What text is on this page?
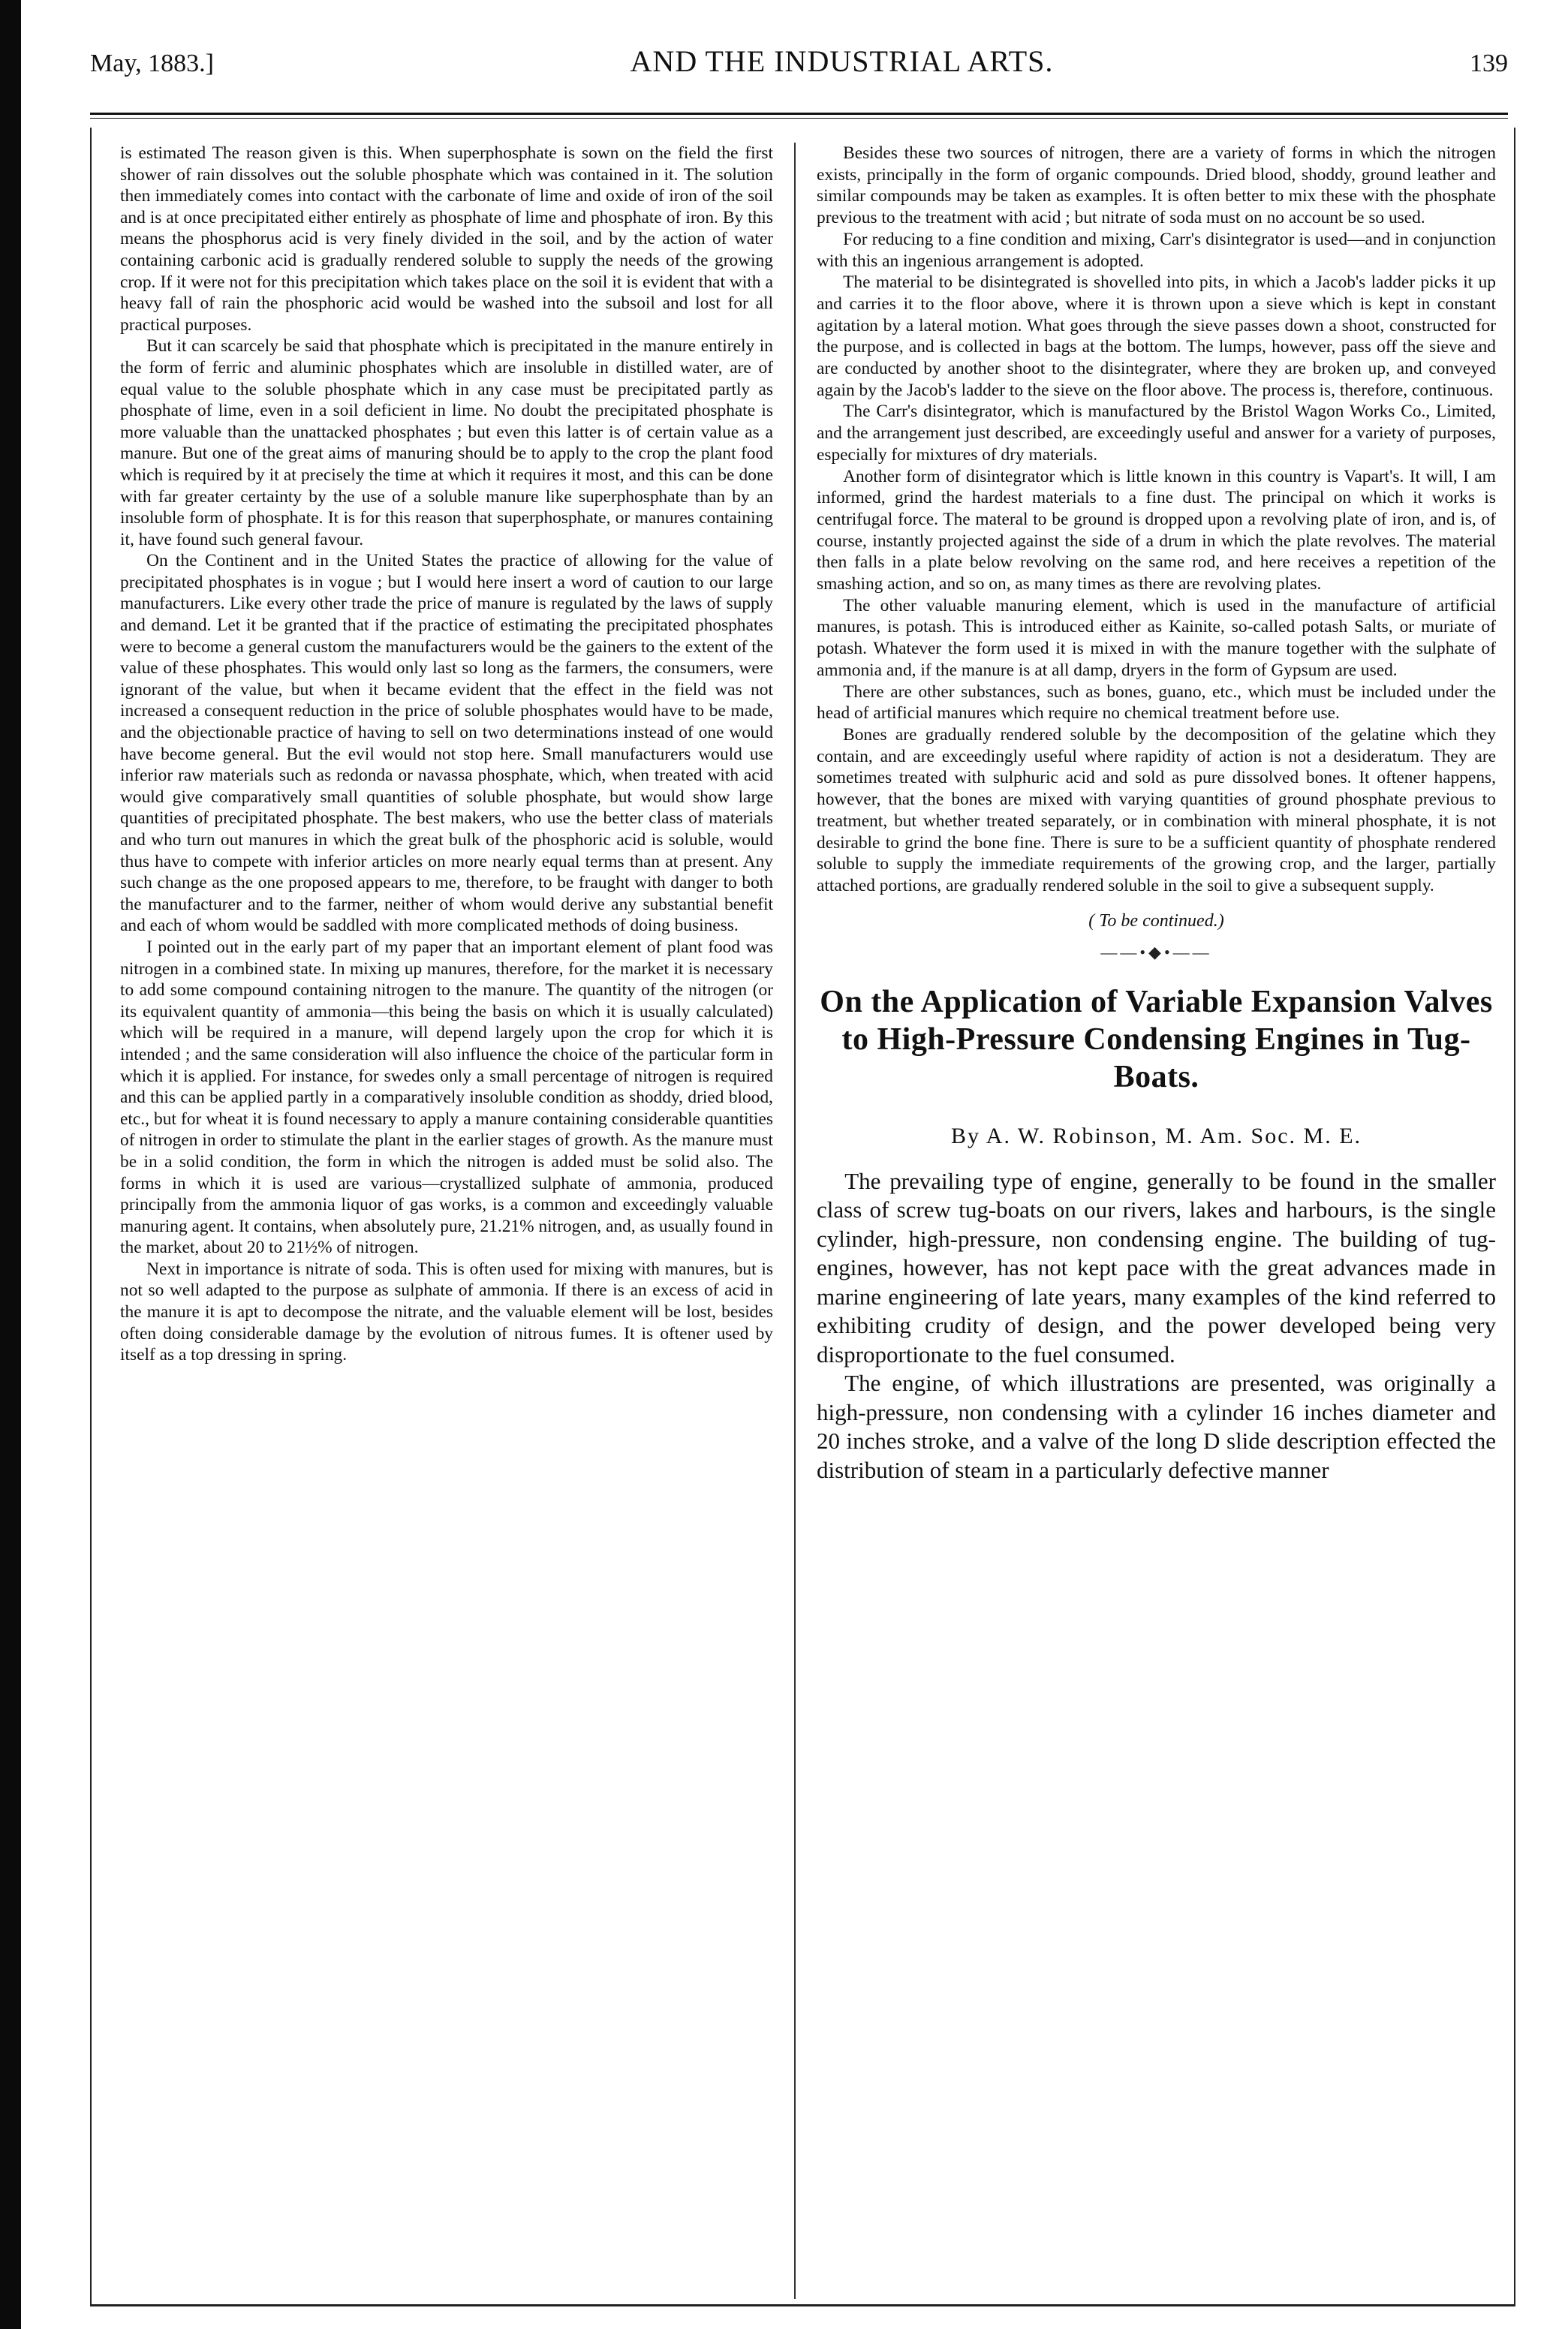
May, 1883.]	AND THE INDUSTRIAL ARTS.	139

is estimated The reason given is this. When superphosphate is sown on the field the first shower of rain dissolves out the soluble phosphate which was contained in it. The solution then immediately comes into contact with the carbonate of lime and oxide of iron of the soil and is at once precipitated either entirely as phosphate of lime and phosphate of iron. By this means the phosphorus acid is very finely divided in the soil, and by the action of water containing carbonic acid is gradually rendered soluble to supply the needs of the growing crop. If it were not for this precipitation which takes place on the soil it is evident that with a heavy fall of rain the phosphoric acid would be washed into the subsoil and lost for all practical purposes.

But it can scarcely be said that phosphate which is precipitated in the manure entirely in the form of ferric and aluminic phosphates which are insoluble in distilled water, are of equal value to the soluble phosphate which in any case must be precipitated partly as phosphate of lime, even in a soil deficient in lime. No doubt the precipitated phosphate is more valuable than the unattacked phosphates ; but even this latter is of certain value as a manure. But one of the great aims of manuring should be to apply to the crop the plant food which is required by it at precisely the time at which it requires it most, and this can be done with far greater certainty by the use of a soluble manure like superphosphate than by an insoluble form of phosphate. It is for this reason that superphosphate, or manures containing it, have found such general favour.

On the Continent and in the United States the practice of allowing for the value of precipitated phosphates is in vogue ; but I would here insert a word of caution to our large manufacturers. Like every other trade the price of manure is regulated by the laws of supply and demand. Let it be granted that if the practice of estimating the precipitated phosphates were to become a general custom the manufacturers would be the gainers to the extent of the value of these phosphates. This would only last so long as the farmers, the consumers, were ignorant of the value, but when it became evident that the effect in the field was not increased a consequent reduction in the price of soluble phosphates would have to be made, and the objectionable practice of having to sell on two determinations instead of one would have become general. But the evil would not stop here. Small manufacturers would use inferior raw materials such as redonda or navassa phosphate, which, when treated with acid would give comparatively small quantities of soluble phosphate, but would show large quantities of precipitated phosphate. The best makers, who use the better class of materials and who turn out manures in which the great bulk of the phosphoric acid is soluble, would thus have to compete with inferior articles on more nearly equal terms than at present. Any such change as the one proposed appears to me, therefore, to be fraught with danger to both the manufacturer and to the farmer, neither of whom would derive any substantial benefit and each of whom would be saddled with more complicated methods of doing business.

I pointed out in the early part of my paper that an important element of plant food was nitrogen in a combined state. In mixing up manures, therefore, for the market it is necessary to add some compound containing nitrogen to the manure. The quantity of the nitrogen (or its equivalent quantity of ammonia—this being the basis on which it is usually calculated) which will be required in a manure, will depend largely upon the crop for which it is intended ; and the same consideration will also influence the choice of the particular form in which it is applied. For instance, for swedes only a small percentage of nitrogen is required and this can be applied partly in a comparatively insoluble condition as shoddy, dried blood, etc., but for wheat it is found necessary to apply a manure containing considerable quantities of nitrogen in order to stimulate the plant in the earlier stages of growth. As the manure must be in a solid condition, the form in which the nitrogen is added must be solid also. The forms in which it is used are various—crystallized sulphate of ammonia, produced principally from the ammonia liquor of gas works, is a common and exceedingly valuable manuring agent. It contains, when absolutely pure, 21.21% nitrogen, and, as usually found in the market, about 20 to 21½% of nitrogen.

Next in importance is nitrate of soda. This is often used for mixing with manures, but is not so well adapted to the purpose as sulphate of ammonia. If there is an excess of acid in the manure it is apt to decompose the nitrate, and the valuable element will be lost, besides often doing considerable damage by the evolution of nitrous fumes. It is oftener used by itself as a top dressing in spring.

Besides these two sources of nitrogen, there are a variety of forms in which the nitrogen exists, principally in the form of organic compounds. Dried blood, shoddy, ground leather and similar compounds may be taken as examples. It is often better to mix these with the phosphate previous to the treatment with acid ; but nitrate of soda must on no account be so used.

For reducing to a fine condition and mixing, Carr's disintegrator is used—and in conjunction with this an ingenious arrangement is adopted.

The material to be disintegrated is shovelled into pits, in which a Jacob's ladder picks it up and carries it to the floor above, where it is thrown upon a sieve which is kept in constant agitation by a lateral motion. What goes through the sieve passes down a shoot, constructed for the purpose, and is collected in bags at the bottom. The lumps, however, pass off the sieve and are conducted by another shoot to the disintegrater, where they are broken up, and conveyed again by the Jacob's ladder to the sieve on the floor above. The process is, therefore, continuous.

The Carr's disintegrator, which is manufactured by the Bristol Wagon Works Co., Limited, and the arrangement just described, are exceedingly useful and answer for a variety of purposes, especially for mixtures of dry materials.

Another form of disintegrator which is little known in this country is Vapart's. It will, I am informed, grind the hardest materials to a fine dust. The principal on which it works is centrifugal force. The materal to be ground is dropped upon a revolving plate of iron, and is, of course, instantly projected against the side of a drum in which the plate revolves. The material then falls in a plate below revolving on the same rod, and here receives a repetition of the smashing action, and so on, as many times as there are revolving plates.

The other valuable manuring element, which is used in the manufacture of artificial manures, is potash. This is introduced either as Kainite, so-called potash Salts, or muriate of potash. Whatever the form used it is mixed in with the manure together with the sulphate of ammonia and, if the manure is at all damp, dryers in the form of Gypsum are used.

There are other substances, such as bones, guano, etc., which must be included under the head of artificial manures which require no chemical treatment before use.

Bones are gradually rendered soluble by the decomposition of the gelatine which they contain, and are exceedingly useful where rapidity of action is not a desideratum. They are sometimes treated with sulphuric acid and sold as pure dissolved bones. It oftener happens, however, that the bones are mixed with varying quantities of ground phosphate previous to treatment, but whether treated separately, or in combination with mineral phosphate, it is not desirable to grind the bone fine. There is sure to be a sufficient quantity of phosphate rendered soluble to supply the immediate requirements of the growing crop, and the larger, partially attached portions, are gradually rendered soluble in the soil to give a subsequent supply.

( To be continued.)
——•◆•——
On the Application of Variable Expansion Valves to High-Pressure Condensing Engines in Tug-Boats.
By A. W. Robinson, M. Am. Soc. M. E.

The prevailing type of engine, generally to be found in the smaller class of screw tug-boats on our rivers, lakes and harbours, is the single cylinder, high-pressure, non condensing engine. The building of tug-engines, however, has not kept pace with the great advances made in marine engineering of late years, many examples of the kind referred to exhibiting crudity of design, and the power developed being very disproportionate to the fuel consumed.

The engine, of which illustrations are presented, was originally a high-pressure, non condensing with a cylinder 16 inches diameter and 20 inches stroke, and a valve of the long D slide description effected the distribution of steam in a particularly defective manner
